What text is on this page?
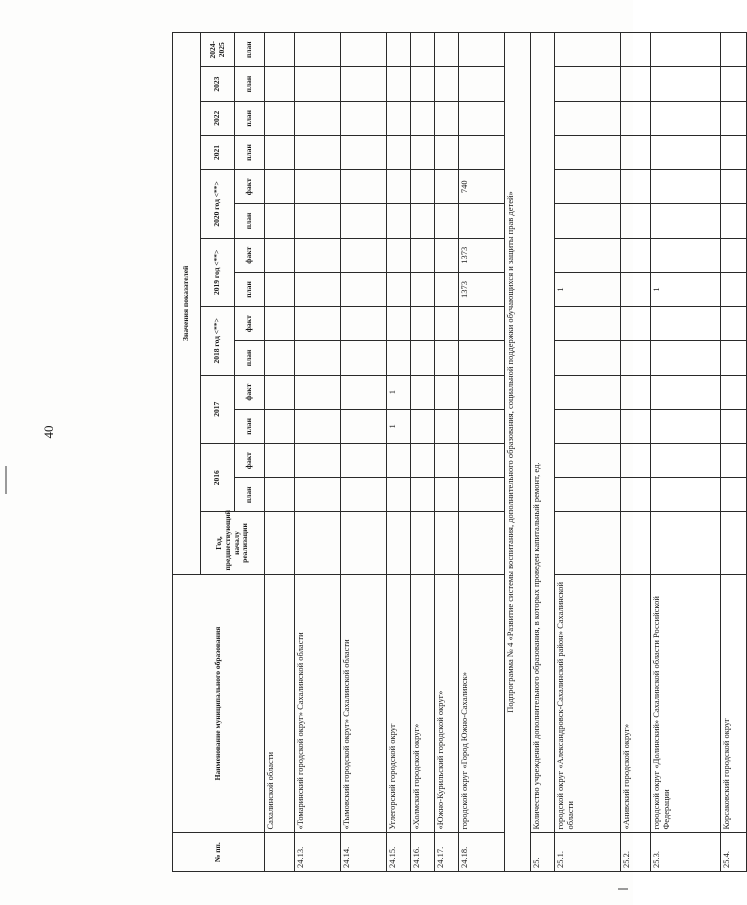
40
№ пп.	Наименование муниципального образования	Значения показателей														
		Год, предшествующий началу реализации	2016		2017		2018 год <**>		2019 год <**>		2020 год <**>		2021	2022	2023	2024-2025
			план	факт	план	факт	план	факт	план	факт	план	факт	план	план	план	план
	Сахалинской области															
24.13.	«Томаринский городской округ» Сахалинской области															
24.14.	«Тымовский городской округ» Сахалинской области															
24.15.	Углегорский городской округ				1	1										
24.16.	«Холмский городской округ»															
24.17.	«Южно-Курильский городской округ»															
24.18.	городской округ «Город Южно-Сахалинск»								1373	1373		740				
Подпрограмма № 4 «Развитие системы воспитания, дополнительного образования, социальной поддержки обучающихся и защиты прав детей»																
25.	Количество учреждений дополнительного образования, в которых проведен капитальный ремонт, ед.															
25.1.	городской округ «Александровск-Сахалинский район» Сахалинской области								1							
25.2.	«Анивский городской округ»															
25.3.	городской округ «Долинский» Сахалинской области Российской Федерации								1							
25.4.	Корсаковский городской округ															
